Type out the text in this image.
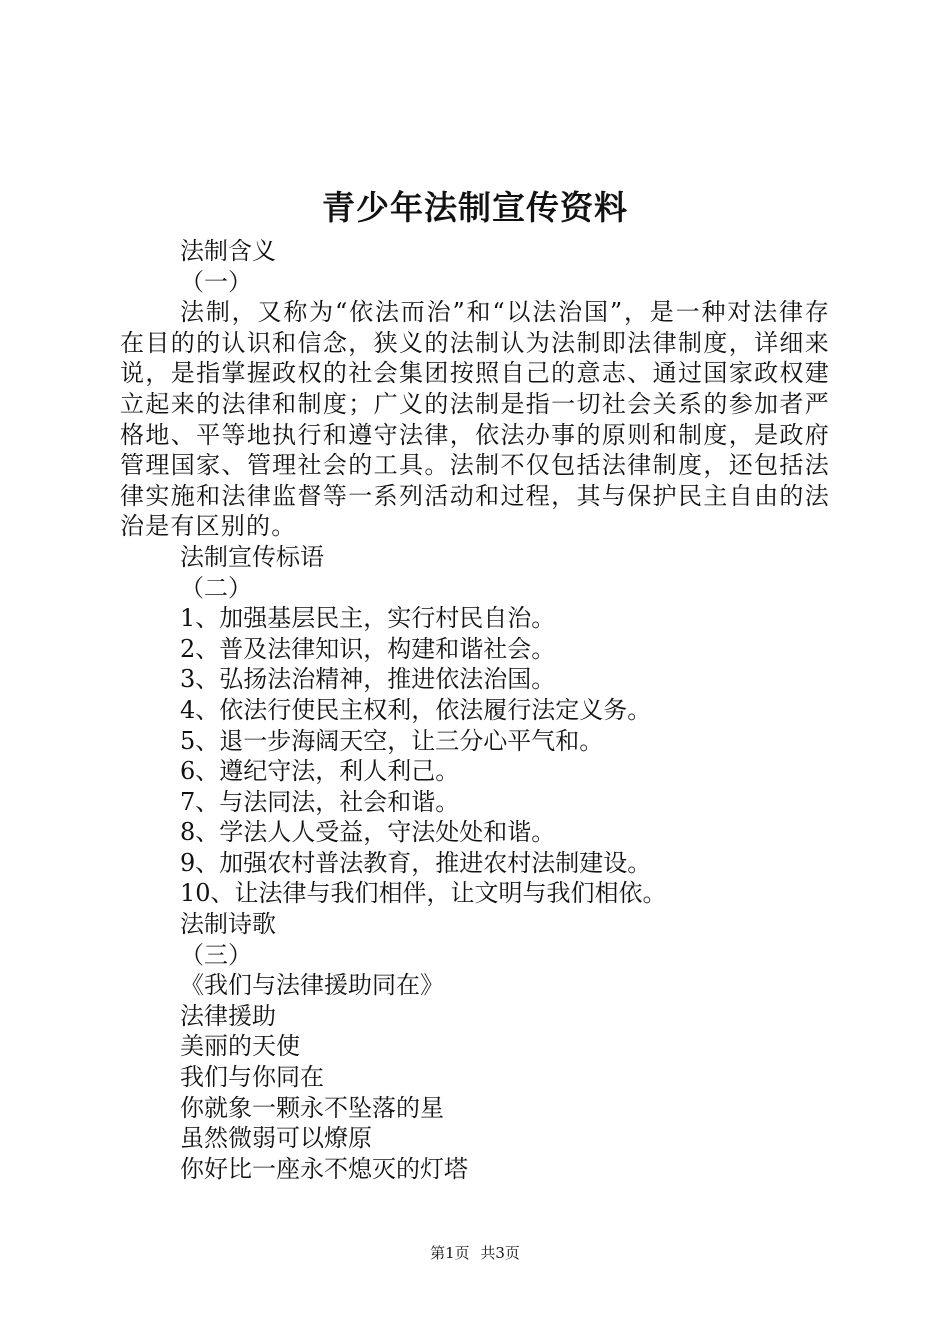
青少年法制宣传资料

法制含义

（一）

法制，又称为“依法而治”和“以法治国”，是一种对法律存在目的的认识和信念，狭义的法制认为法制即法律制度，详细来说，是指掌握政权的社会集团按照自己的意志、通过国家政权建立起来的法律和制度；广义的法制是指一切社会关系的参加者严格地、平等地执行和遵守法律，依法办事的原则和制度，是政府管理国家、管理社会的工具。法制不仅包括法律制度，还包括法律实施和法律监督等一系列活动和过程，其与保护民主自由的法治是有区别的。

法制宣传标语

（二）

1、加强基层民主，实行村民自治。

2、普及法律知识，构建和谐社会。

3、弘扬法治精神，推进依法治国。

4、依法行使民主权利，依法履行法定义务。

5、退一步海阔天空，让三分心平气和。

6、遵纪守法，利人利己。

7、与法同法，社会和谐。

8、学法人人受益，守法处处和谐。

9、加强农村普法教育，推进农村法制建设。

10、让法律与我们相伴，让文明与我们相依。

法制诗歌

（三）

《我们与法律援助同在》

法律援助

美丽的天使

我们与你同在

你就象一颗永不坠落的星

虽然微弱可以燎原

你好比一座永不熄灭的灯塔

第1页 共3页
